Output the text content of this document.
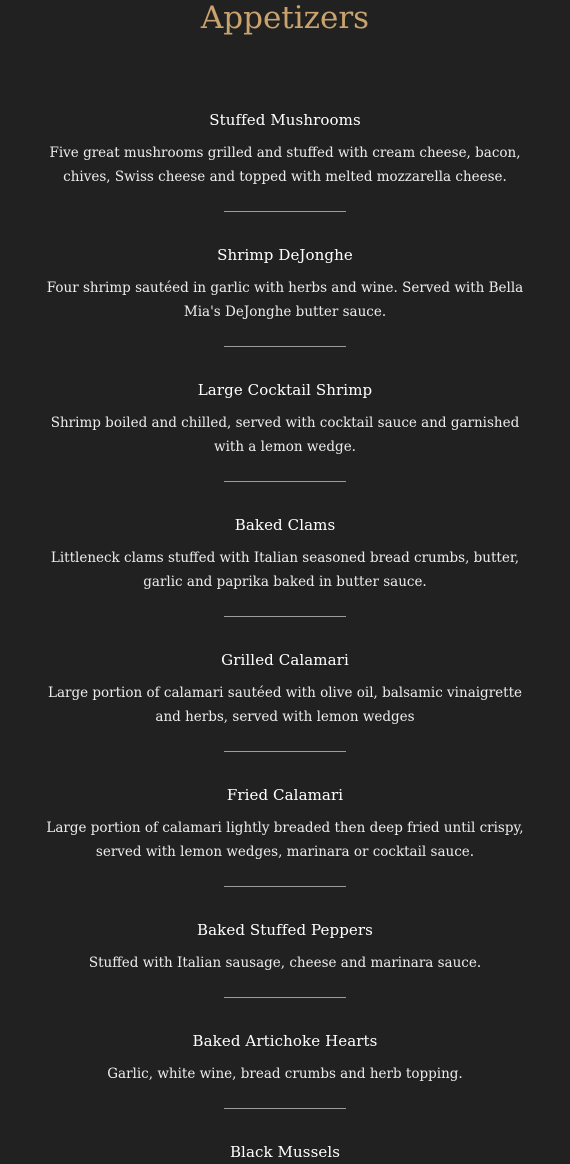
Appetizers
Stuffed Mushrooms

Five great mushrooms grilled and stuffed with cream cheese, bacon, chives, Swiss cheese and topped with melted mozzarella cheese.

Shrimp DeJonghe

Four shrimp sautéed in garlic with herbs and wine. Served with Bella Mia's DeJonghe butter sauce.

Large Cocktail Shrimp

Shrimp boiled and chilled, served with cocktail sauce and garnished with a lemon wedge.

Baked Clams

Littleneck clams stuffed with Italian seasoned bread crumbs, butter, garlic and paprika baked in butter sauce.

Grilled Calamari

Large portion of calamari sautéed with olive oil, balsamic vinaigrette and herbs, served with lemon wedges

Fried Calamari

Large portion of calamari lightly breaded then deep fried until crispy, served with lemon wedges, marinara or cocktail sauce.

Baked Stuffed Peppers

Stuffed with Italian sausage, cheese and marinara sauce.

Baked Artichoke Hearts

Garlic, white wine, bread crumbs and herb topping.

Black Mussels
